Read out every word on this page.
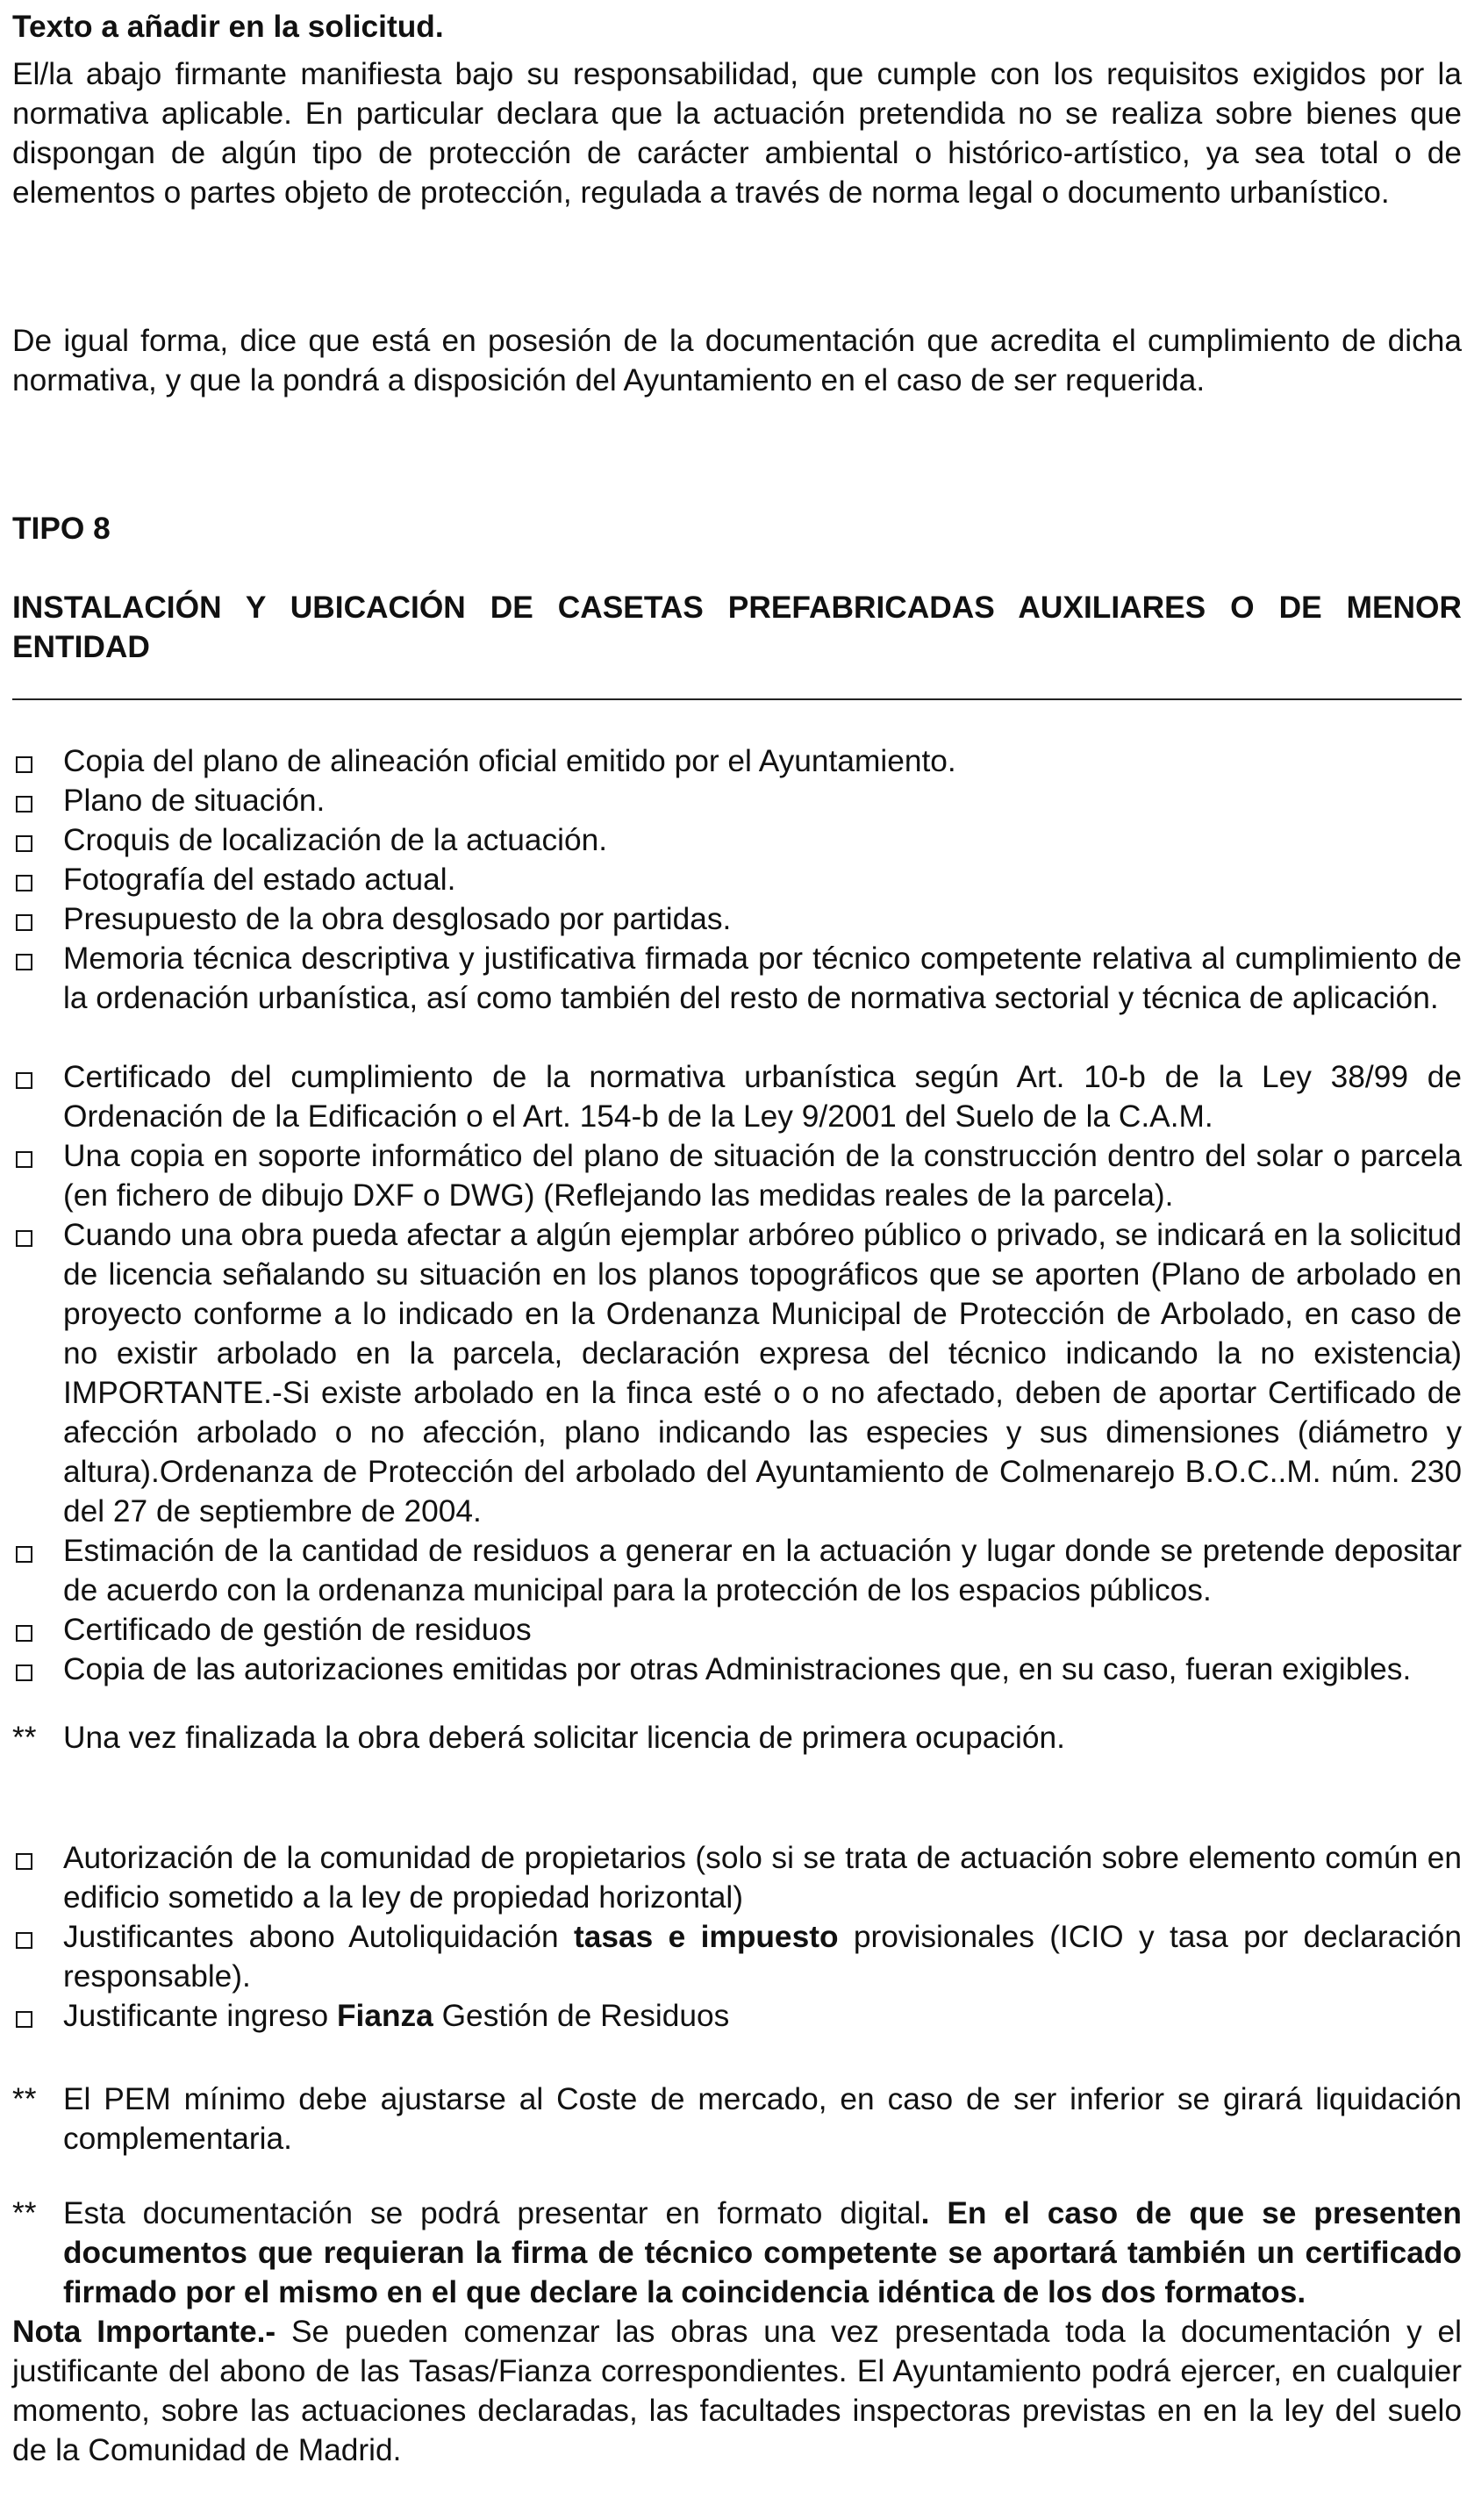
Texto a añadir en la solicitud.

El/la abajo firmante manifiesta bajo su responsabilidad, que cumple con los requisitos exigidos por la normativa aplicable. En particular declara que la actuación pretendida no se realiza sobre bienes que dispongan de algún tipo de protección de carácter ambiental o histórico-artístico, ya sea total o de elementos o partes objeto de protección, regulada a través de norma legal o documento urbanístico.

De igual forma, dice que está en posesión de la documentación que acredita el cumplimiento de dicha normativa, y que la pondrá a disposición del Ayuntamiento en el caso de ser requerida.

TIPO 8

INSTALACIÓN Y UBICACIÓN DE CASETAS PREFABRICADAS AUXILIARES O DE MENOR ENTIDAD

Copia del plano de alineación oficial emitido por el Ayuntamiento.

Plano de situación.

Croquis de localización de la actuación.

Fotografía del estado actual.

Presupuesto de la obra desglosado por partidas.

Memoria técnica descriptiva y justificativa firmada por técnico competente relativa al cumplimiento de la ordenación urbanística, así como también del resto de normativa sectorial y técnica de aplicación.

Certificado del cumplimiento de la normativa urbanística según Art. 10-b de la Ley 38/99 de Ordenación de la Edificación o el Art. 154-b de la Ley 9/2001 del Suelo de la C.A.M.

Una copia en soporte informático del plano de situación de la construcción dentro del solar o parcela (en fichero de dibujo DXF o DWG) (Reflejando las medidas reales de la parcela).

Cuando una obra pueda afectar a algún ejemplar arbóreo público o privado, se indicará en la solicitud de licencia señalando su situación en los planos topográficos que se aporten (Plano de arbolado en proyecto conforme a lo indicado en la Ordenanza Municipal de Protección de Arbolado, en caso de no existir arbolado en la parcela, declaración expresa del técnico indicando la no existencia) IMPORTANTE.-Si existe arbolado en la finca esté o o no afectado, deben de aportar Certificado de afección arbolado o no afección, plano indicando las especies y sus dimensiones (diámetro y altura).Ordenanza de Protección del arbolado del Ayuntamiento de Colmenarejo B.O.C..M. núm. 230 del 27 de septiembre de 2004.

Estimación de la cantidad de residuos a generar en la actuación y lugar donde se pretende depositar de acuerdo con la ordenanza municipal para la protección de los espacios públicos.

Certificado de gestión de residuos

Copia de las autorizaciones emitidas por otras Administraciones que, en su caso, fueran exigibles.

** Una vez finalizada la obra deberá solicitar licencia de primera ocupación.

Autorización de la comunidad de propietarios (solo si se trata de actuación sobre elemento común en edificio sometido a la ley de propiedad horizontal)

Justificantes abono Autoliquidación tasas e impuesto provisionales (ICIO y tasa por declaración responsable).

Justificante ingreso Fianza Gestión de Residuos

** El PEM mínimo debe ajustarse al Coste de mercado, en caso de ser inferior se girará liquidación complementaria.

** Esta documentación se podrá presentar en formato digital. En el caso de que se presenten documentos que requieran la firma de técnico competente se aportará también un certificado firmado por el mismo en el que declare la coincidencia idéntica de los dos formatos.

Nota Importante.- Se pueden comenzar las obras una vez presentada toda la documentación y el justificante del abono de las Tasas/Fianza correspondientes. El Ayuntamiento podrá ejercer, en cualquier momento, sobre las actuaciones declaradas, las facultades inspectoras previstas en en la ley del suelo de la Comunidad de Madrid.
